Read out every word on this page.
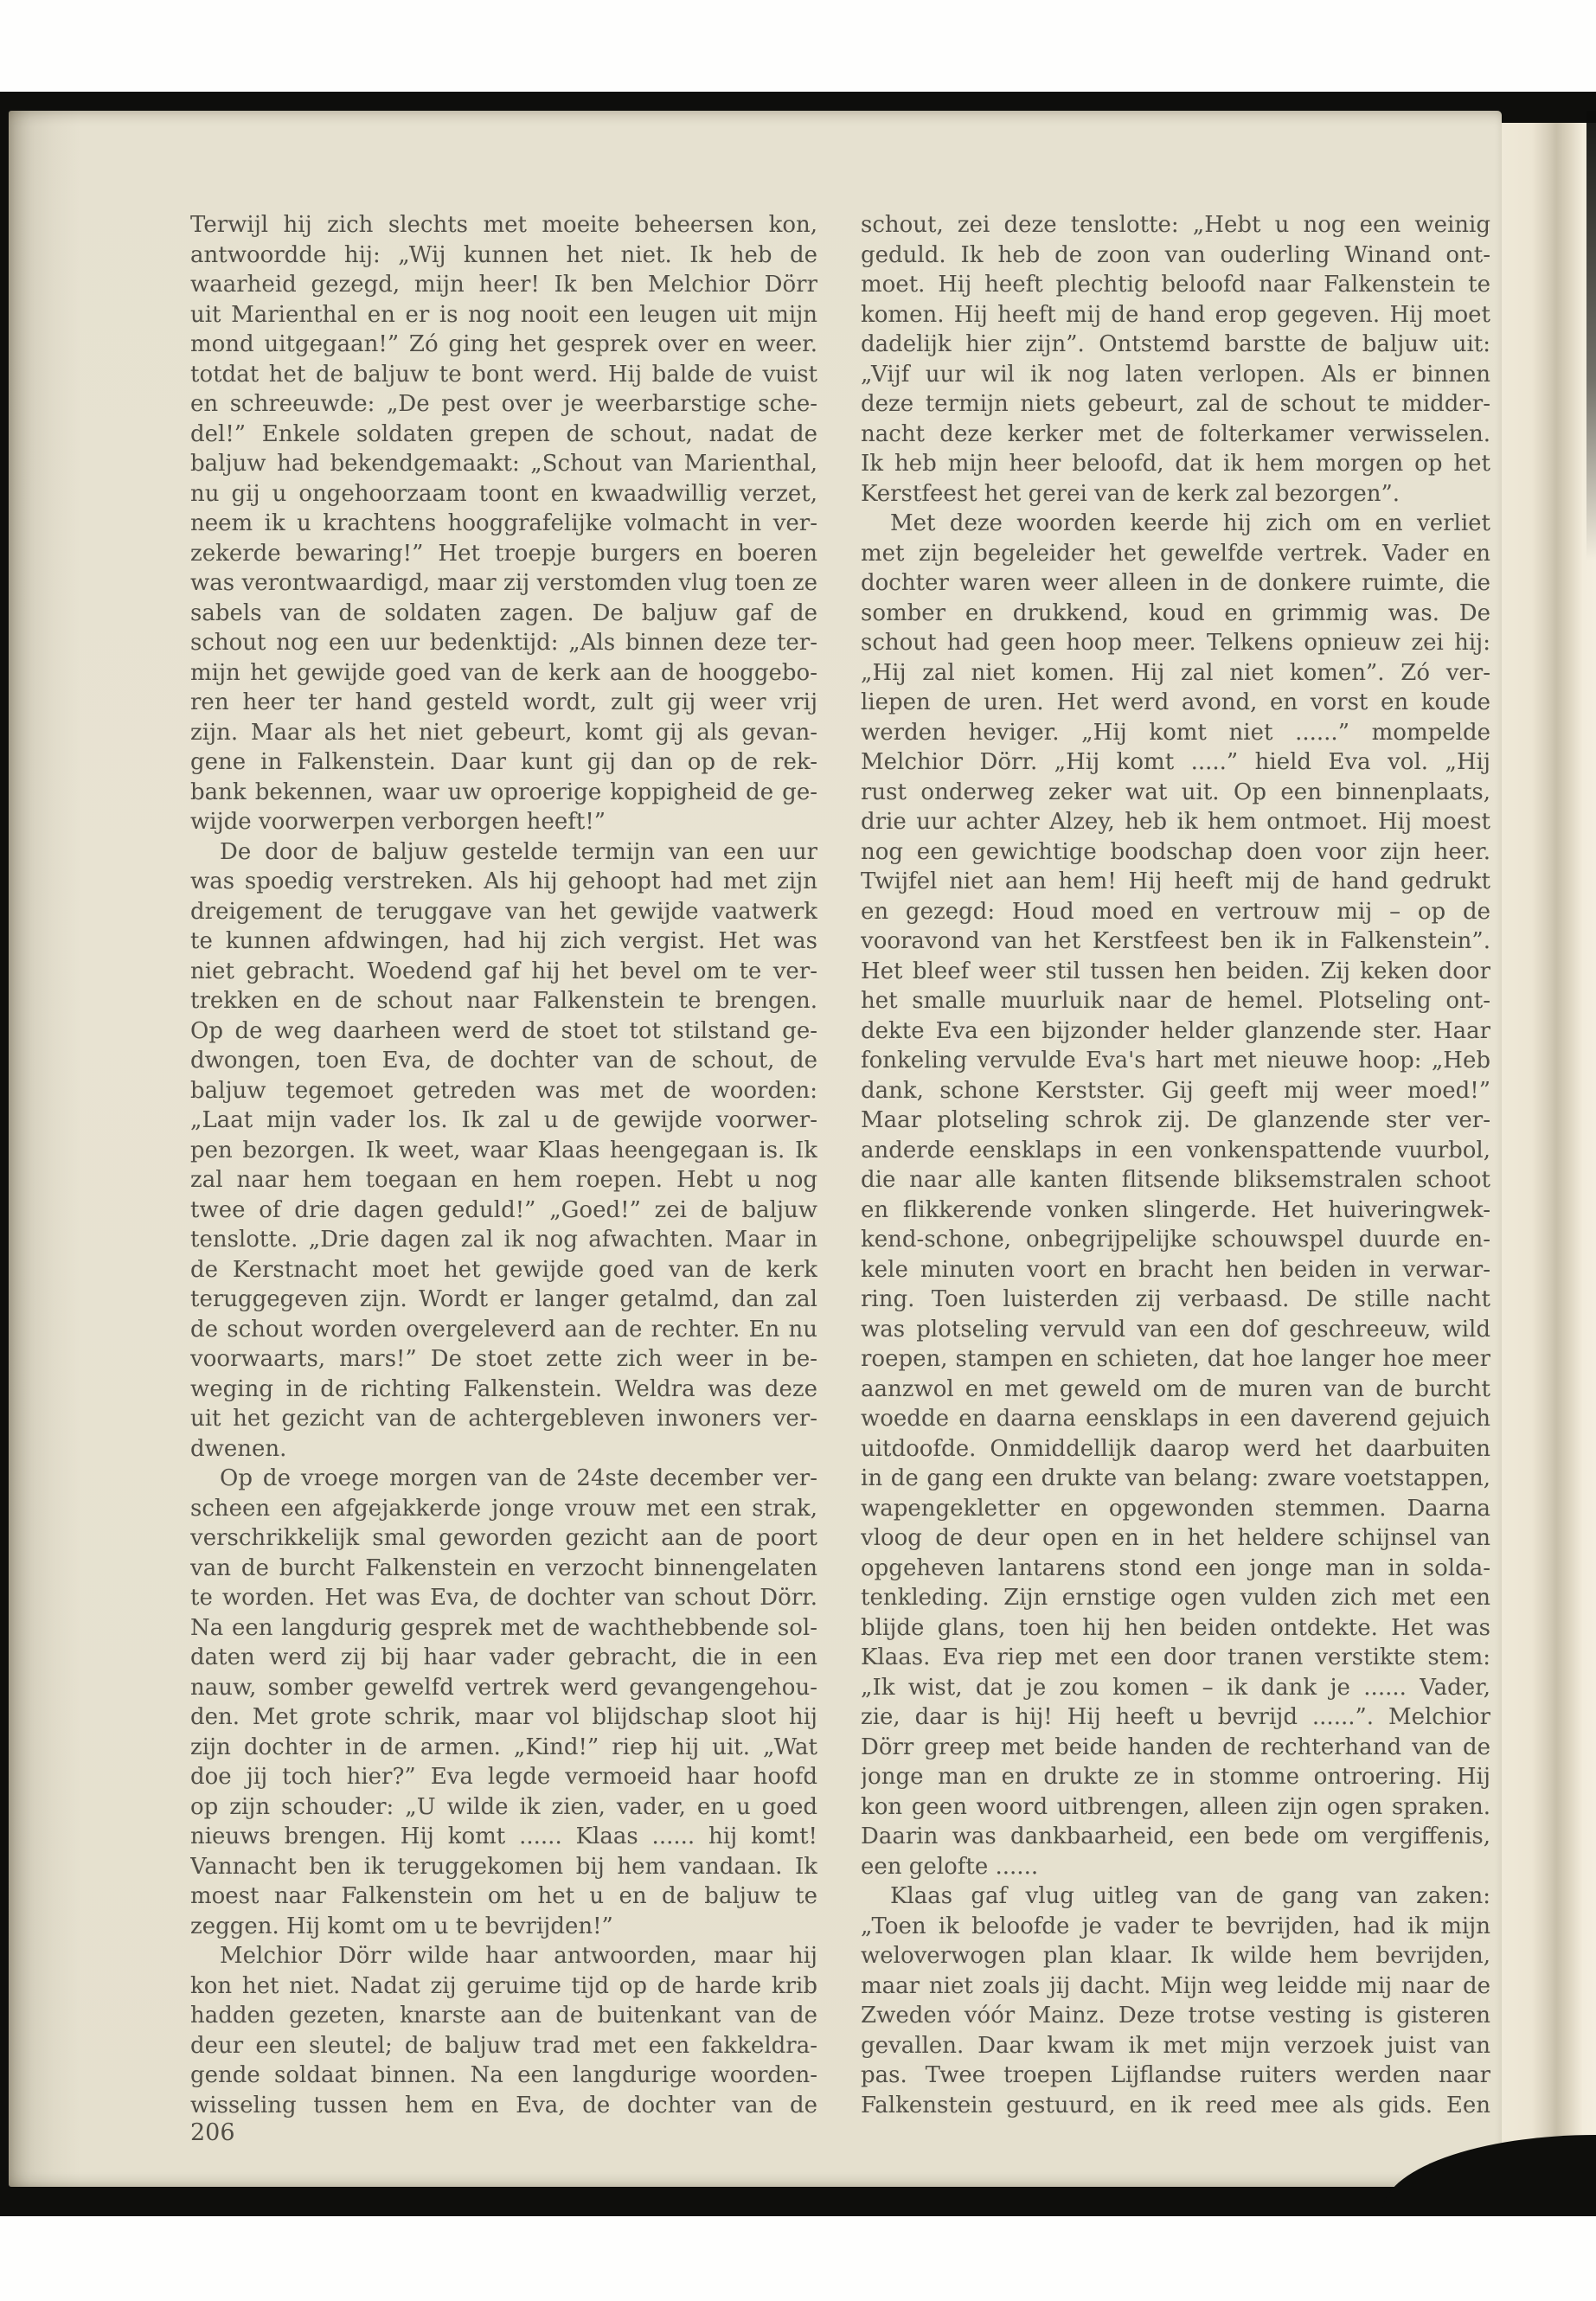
Terwijl hij zich slechts met moeite beheersen kon,
antwoordde hij: „Wij kunnen het niet. Ik heb de
waarheid gezegd, mijn heer! Ik ben Melchior Dörr
uit Marienthal en er is nog nooit een leugen uit mijn
mond uitgegaan!” Zó ging het gesprek over en weer.
totdat het de baljuw te bont werd. Hij balde de vuist
en schreeuwde: „De pest over je weerbarstige sche-
del!” Enkele soldaten grepen de schout, nadat de
baljuw had bekendgemaakt: „Schout van Marienthal,
nu gij u ongehoorzaam toont en kwaadwillig verzet,
neem ik u krachtens hooggrafelijke volmacht in ver-
zekerde bewaring!” Het troepje burgers en boeren
was verontwaardigd, maar zij verstomden vlug toen ze
sabels van de soldaten zagen. De baljuw gaf de
schout nog een uur bedenktijd: „Als binnen deze ter-
mijn het gewijde goed van de kerk aan de hooggebo-
ren heer ter hand gesteld wordt, zult gij weer vrij
zijn. Maar als het niet gebeurt, komt gij als gevan-
gene in Falkenstein. Daar kunt gij dan op de rek-
bank bekennen, waar uw oproerige koppigheid de ge-
wijde voorwerpen verborgen heeft!”
De door de baljuw gestelde termijn van een uur
was spoedig verstreken. Als hij gehoopt had met zijn
dreigement de teruggave van het gewijde vaatwerk
te kunnen afdwingen, had hij zich vergist. Het was
niet gebracht. Woedend gaf hij het bevel om te ver-
trekken en de schout naar Falkenstein te brengen.
Op de weg daarheen werd de stoet tot stilstand ge-
dwongen, toen Eva, de dochter van de schout, de
baljuw tegemoet getreden was met de woorden:
„Laat mijn vader los. Ik zal u de gewijde voorwer-
pen bezorgen. Ik weet, waar Klaas heengegaan is. Ik
zal naar hem toegaan en hem roepen. Hebt u nog
twee of drie dagen geduld!” „Goed!” zei de baljuw
tenslotte. „Drie dagen zal ik nog afwachten. Maar in
de Kerstnacht moet het gewijde goed van de kerk
teruggegeven zijn. Wordt er langer getalmd, dan zal
de schout worden overgeleverd aan de rechter. En nu
voorwaarts, mars!” De stoet zette zich weer in be-
weging in de richting Falkenstein. Weldra was deze
uit het gezicht van de achtergebleven inwoners ver-
dwenen.
Op de vroege morgen van de 24ste december ver-
scheen een afgejakkerde jonge vrouw met een strak,
verschrikkelijk smal geworden gezicht aan de poort
van de burcht Falkenstein en verzocht binnengelaten
te worden. Het was Eva, de dochter van schout Dörr.
Na een langdurig gesprek met de wachthebbende sol-
daten werd zij bij haar vader gebracht, die in een
nauw, somber gewelfd vertrek werd gevangengehou-
den. Met grote schrik, maar vol blijdschap sloot hij
zijn dochter in de armen. „Kind!” riep hij uit. „Wat
doe jij toch hier?” Eva legde vermoeid haar hoofd
op zijn schouder: „U wilde ik zien, vader, en u goed
nieuws brengen. Hij komt ...... Klaas ...... hij komt!
Vannacht ben ik teruggekomen bij hem vandaan. Ik
moest naar Falkenstein om het u en de baljuw te
zeggen. Hij komt om u te bevrijden!”
Melchior Dörr wilde haar antwoorden, maar hij
kon het niet. Nadat zij geruime tijd op de harde krib
hadden gezeten, knarste aan de buitenkant van de
deur een sleutel; de baljuw trad met een fakkeldra-
gende soldaat binnen. Na een langdurige woorden-
wisseling tussen hem en Eva, de dochter van de
schout, zei deze tenslotte: „Hebt u nog een weinig
geduld. Ik heb de zoon van ouderling Winand ont-
moet. Hij heeft plechtig beloofd naar Falkenstein te
komen. Hij heeft mij de hand erop gegeven. Hij moet
dadelijk hier zijn”. Ontstemd barstte de baljuw uit:
„Vijf uur wil ik nog laten verlopen. Als er binnen
deze termijn niets gebeurt, zal de schout te midder-
nacht deze kerker met de folterkamer verwisselen.
Ik heb mijn heer beloofd, dat ik hem morgen op het
Kerstfeest het gerei van de kerk zal bezorgen”.
Met deze woorden keerde hij zich om en verliet
met zijn begeleider het gewelfde vertrek. Vader en
dochter waren weer alleen in de donkere ruimte, die
somber en drukkend, koud en grimmig was. De
schout had geen hoop meer. Telkens opnieuw zei hij:
„Hij zal niet komen. Hij zal niet komen”. Zó ver-
liepen de uren. Het werd avond, en vorst en koude
werden heviger. „Hij komt niet ......” mompelde
Melchior Dörr. „Hij komt .....” hield Eva vol. „Hij
rust onderweg zeker wat uit. Op een binnenplaats,
drie uur achter Alzey, heb ik hem ontmoet. Hij moest
nog een gewichtige boodschap doen voor zijn heer.
Twijfel niet aan hem! Hij heeft mij de hand gedrukt
en gezegd: Houd moed en vertrouw mij – op de
vooravond van het Kerstfeest ben ik in Falkenstein”.
Het bleef weer stil tussen hen beiden. Zij keken door
het smalle muurluik naar de hemel. Plotseling ont-
dekte Eva een bijzonder helder glanzende ster. Haar
fonkeling vervulde Eva's hart met nieuwe hoop: „Heb
dank, schone Kerstster. Gij geeft mij weer moed!”
Maar plotseling schrok zij. De glanzende ster ver-
anderde eensklaps in een vonkenspattende vuurbol,
die naar alle kanten flitsende bliksemstralen schoot
en flikkerende vonken slingerde. Het huiveringwek-
kend-schone, onbegrijpelijke schouwspel duurde en-
kele minuten voort en bracht hen beiden in verwar-
ring. Toen luisterden zij verbaasd. De stille nacht
was plotseling vervuld van een dof geschreeuw, wild
roepen, stampen en schieten, dat hoe langer hoe meer
aanzwol en met geweld om de muren van de burcht
woedde en daarna eensklaps in een daverend gejuich
uitdoofde. Onmiddellijk daarop werd het daarbuiten
in de gang een drukte van belang: zware voetstappen,
wapengekletter en opgewonden stemmen. Daarna
vloog de deur open en in het heldere schijnsel van
opgeheven lantarens stond een jonge man in solda-
tenkleding. Zijn ernstige ogen vulden zich met een
blijde glans, toen hij hen beiden ontdekte. Het was
Klaas. Eva riep met een door tranen verstikte stem:
„Ik wist, dat je zou komen – ik dank je ...... Vader,
zie, daar is hij! Hij heeft u bevrijd ......”. Melchior
Dörr greep met beide handen de rechterhand van de
jonge man en drukte ze in stomme ontroering. Hij
kon geen woord uitbrengen, alleen zijn ogen spraken.
Daarin was dankbaarheid, een bede om vergiffenis,
een gelofte ......
Klaas gaf vlug uitleg van de gang van zaken:
„Toen ik beloofde je vader te bevrijden, had ik mijn
weloverwogen plan klaar. Ik wilde hem bevrijden,
maar niet zoals jij dacht. Mijn weg leidde mij naar de
Zweden vóór Mainz. Deze trotse vesting is gisteren
gevallen. Daar kwam ik met mijn verzoek juist van
pas. Twee troepen Lijflandse ruiters werden naar
Falkenstein gestuurd, en ik reed mee als gids. Een
206
